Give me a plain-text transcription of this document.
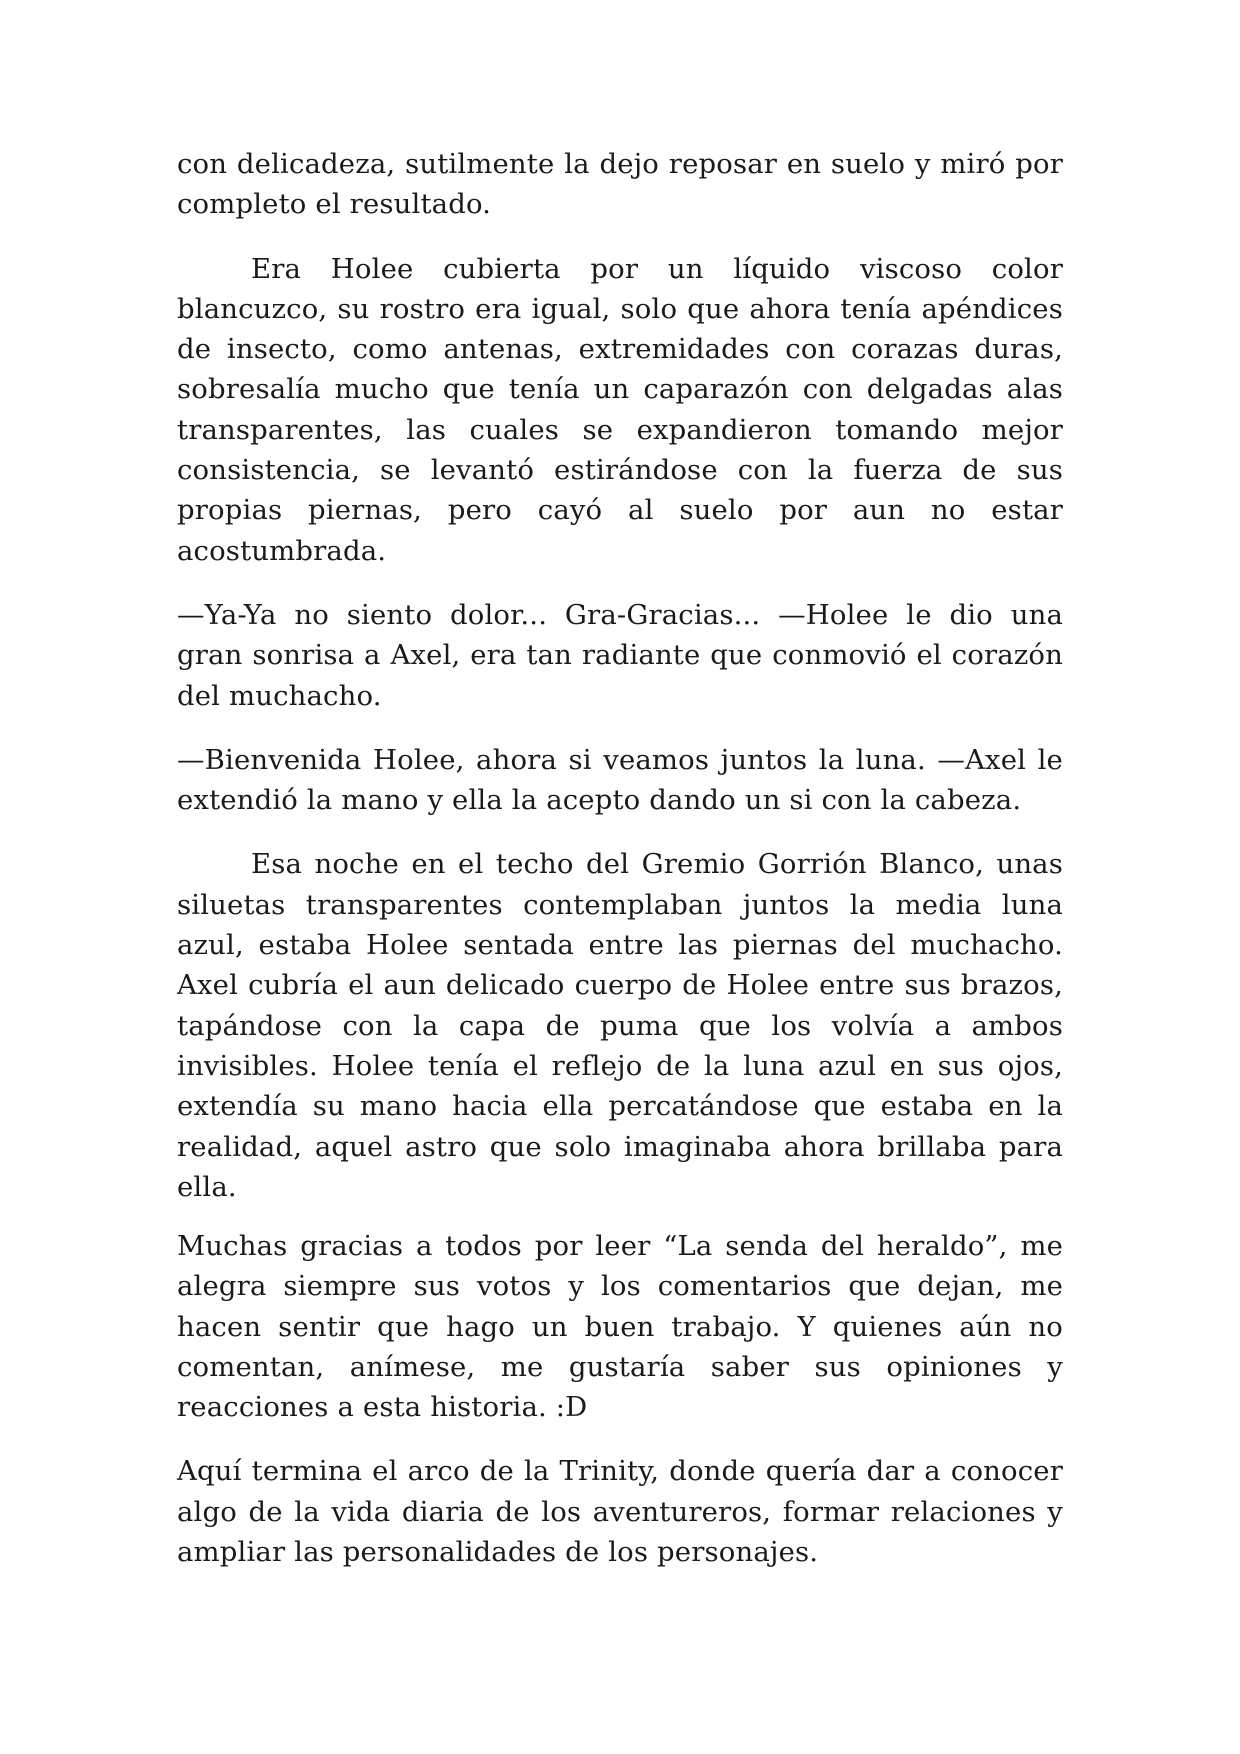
con delicadeza, sutilmente la dejo reposar en suelo y miró por completo el resultado.

Era Holee cubierta por un líquido viscoso color blancuzco, su rostro era igual, solo que ahora tenía apéndices de insecto, como antenas, extremidades con corazas duras, sobresalía mucho que tenía un caparazón con delgadas alas transparentes, las cuales se expandieron tomando mejor consistencia, se levantó estirándose con la fuerza de sus propias piernas, pero cayó al suelo por aun no estar acostumbrada.

—Ya-Ya no siento dolor... Gra-Gracias... —Holee le dio una gran sonrisa a Axel, era tan radiante que conmovió el corazón del muchacho.

—Bienvenida Holee, ahora si veamos juntos la luna. —Axel le extendió la mano y ella la acepto dando un si con la cabeza.

Esa noche en el techo del Gremio Gorrión Blanco, unas siluetas transparentes contemplaban juntos la media luna azul, estaba Holee sentada entre las piernas del muchacho. Axel cubría el aun delicado cuerpo de Holee entre sus brazos, tapándose con la capa de puma que los volvía a ambos invisibles. Holee tenía el reflejo de la luna azul en sus ojos, extendía su mano hacia ella percatándose que estaba en la realidad, aquel astro que solo imaginaba ahora brillaba para ella.

Muchas gracias a todos por leer “La senda del heraldo”, me alegra siempre sus votos y los comentarios que dejan, me hacen sentir que hago un buen trabajo. Y quienes aún no comentan, anímese, me gustaría saber sus opiniones y reacciones a esta historia. :D

Aquí termina el arco de la Trinity, donde quería dar a conocer algo de la vida diaria de los aventureros, formar relaciones y ampliar las personalidades de los personajes.
